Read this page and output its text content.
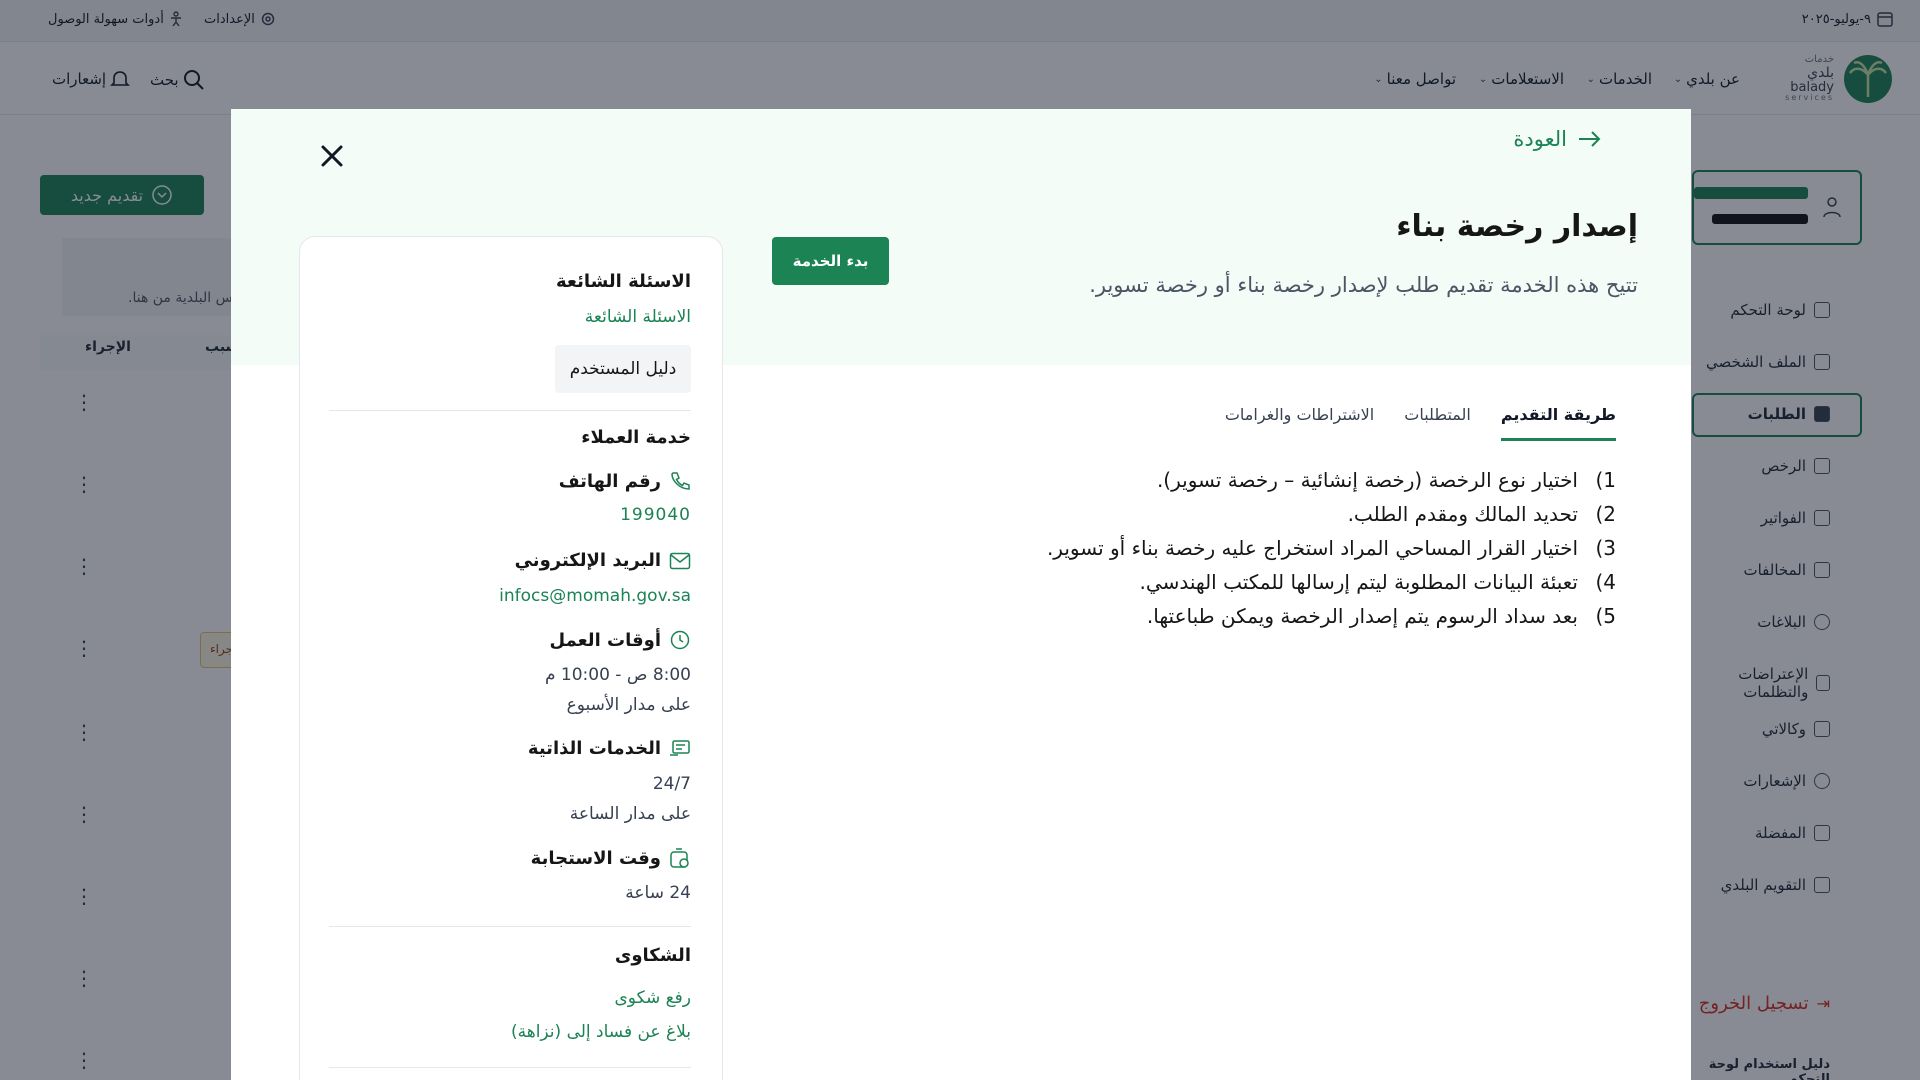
العودة
إصدار رخصة بناء
تتيح هذه الخدمة تقديم طلب لإصدار رخصة بناء أو رخصة تسوير.
بدء الخدمة
طريقة التقديم
المتطلبات
الاشتراطات والغرامات
1)
اختيار نوع الرخصة (رخصة إنشائية – رخصة تسوير).
2)
تحديد المالك ومقدم الطلب.
3)
اختيار القرار المساحي المراد استخراج عليه رخصة بناء أو تسوير.
4)
تعبئة البيانات المطلوبة ليتم إرسالها للمكتب الهندسي.
5)
بعد سداد الرسوم يتم إصدار الرخصة ويمكن طباعتها.
الاسئلة الشائعة
الاسئلة الشائعة
دليل المستخدم
خدمة العملاء
رقم الهاتف
199040
البريد الإلكتروني
infocs@momah.gov.sa
أوقات العمل
8:00 ص - 10:00 م
على مدار الأسبوع
الخدمات الذاتية
24/7
على مدار الساعة
وقت الاستجابة
24 ساعة
الشكاوى
رفع شكوى
بلاغ عن فساد إلى (نزاهة)
